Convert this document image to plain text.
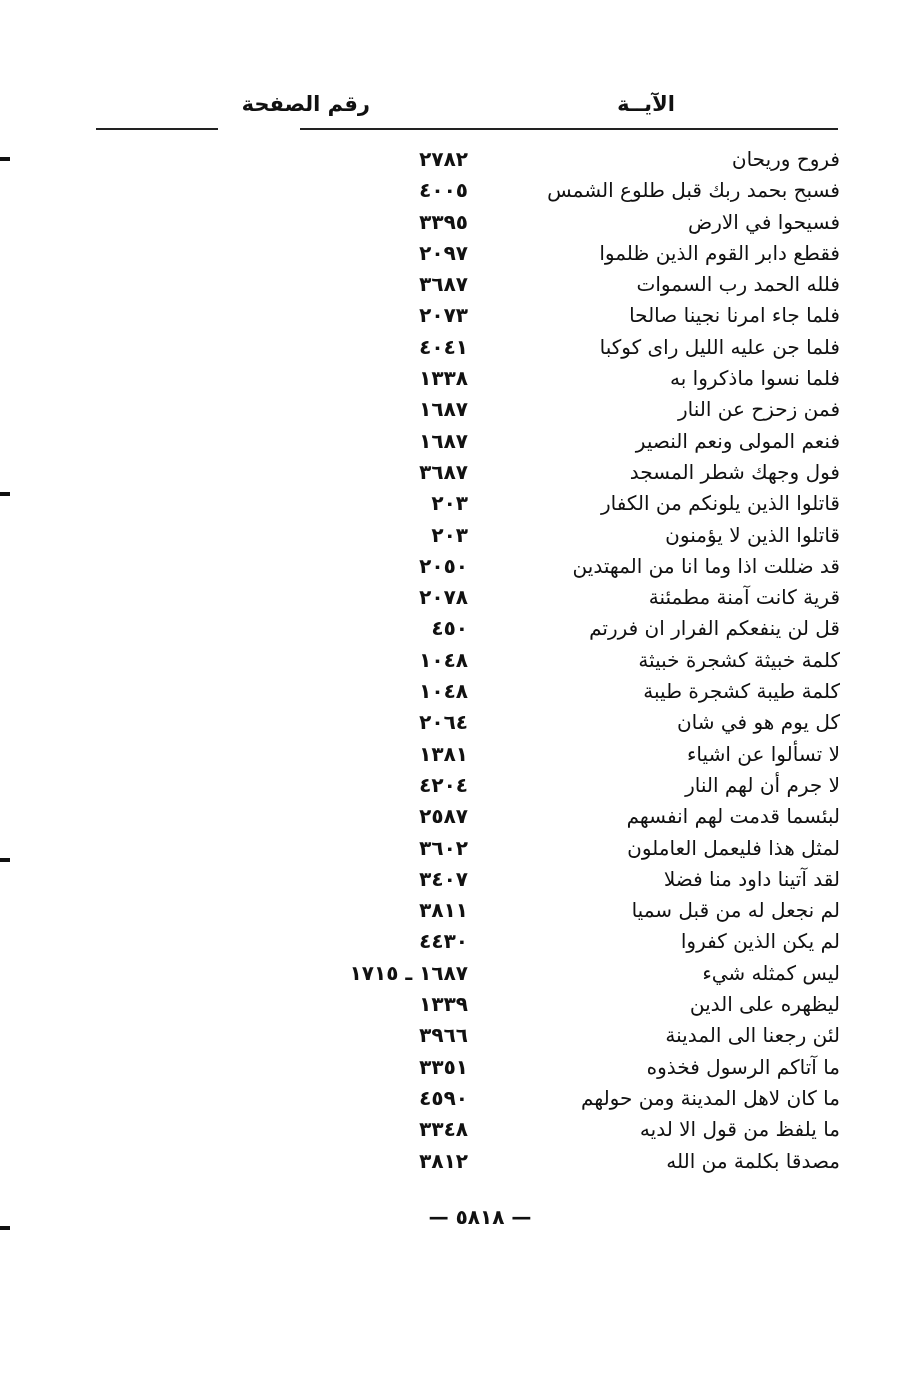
الآيــة
رقم الصفحة
فروح وريحان
٢٧٨٢
فسبح بحمد ربك قبل طلوع الشمس
٤٠٠٥
فسيحوا في الارض
٣٣٩٥
فقطع دابر القوم الذين ظلموا
٢٠٩٧
فلله الحمد رب السموات
٣٦٨٧
فلما جاء امرنا نجينا صالحا
٢٠٧٣
فلما جن عليه الليل راى كوكبا
٤٠٤١
فلما نسوا ماذكروا به
١٣٣٨
فمن زحزح عن النار
١٦٨٧
فنعم المولى ونعم النصير
١٦٨٧
فول وجهك شطر المسجد
٣٦٨٧
قاتلوا الذين يلونكم من الكفار
٢٠٣
قاتلوا الذين لا يؤمنون
٢٠٣
قد ضللت اذا وما انا من المهتدين
٢٠٥٠
قرية كانت آمنة مطمئنة
٢٠٧٨
قل لن ينفعكم الفرار ان فررتم
٤٥٠
كلمة خبيثة كشجرة خبيثة
١٠٤٨
كلمة طيبة كشجرة طيبة
١٠٤٨
كل يوم هو في شان
٢٠٦٤
لا تسألوا عن اشياء
١٣٨١
لا جرم أن لهم النار
٤٢٠٤
لبئسما قدمت لهم انفسهم
٢٥٨٧
لمثل هذا فليعمل العاملون
٣٦٠٢
لقد آتينا داود منا فضلا
٣٤٠٧
لم نجعل له من قبل سميا
٣٨١١
لم يكن الذين كفروا
٤٤٣٠
ليس كمثله شيء
١٦٨٧ ـ ١٧١٥
ليظهره على الدين
١٣٣٩
لئن رجعنا الى المدينة
٣٩٦٦
ما آتاكم الرسول فخذوه
٣٣٥١
ما كان لاهل المدينة ومن حولهم
٤٥٩٠
ما يلفظ من قول الا لديه
٣٣٤٨
مصدقا بكلمة من الله
٣٨١٢
— ٥٨١٨ —
